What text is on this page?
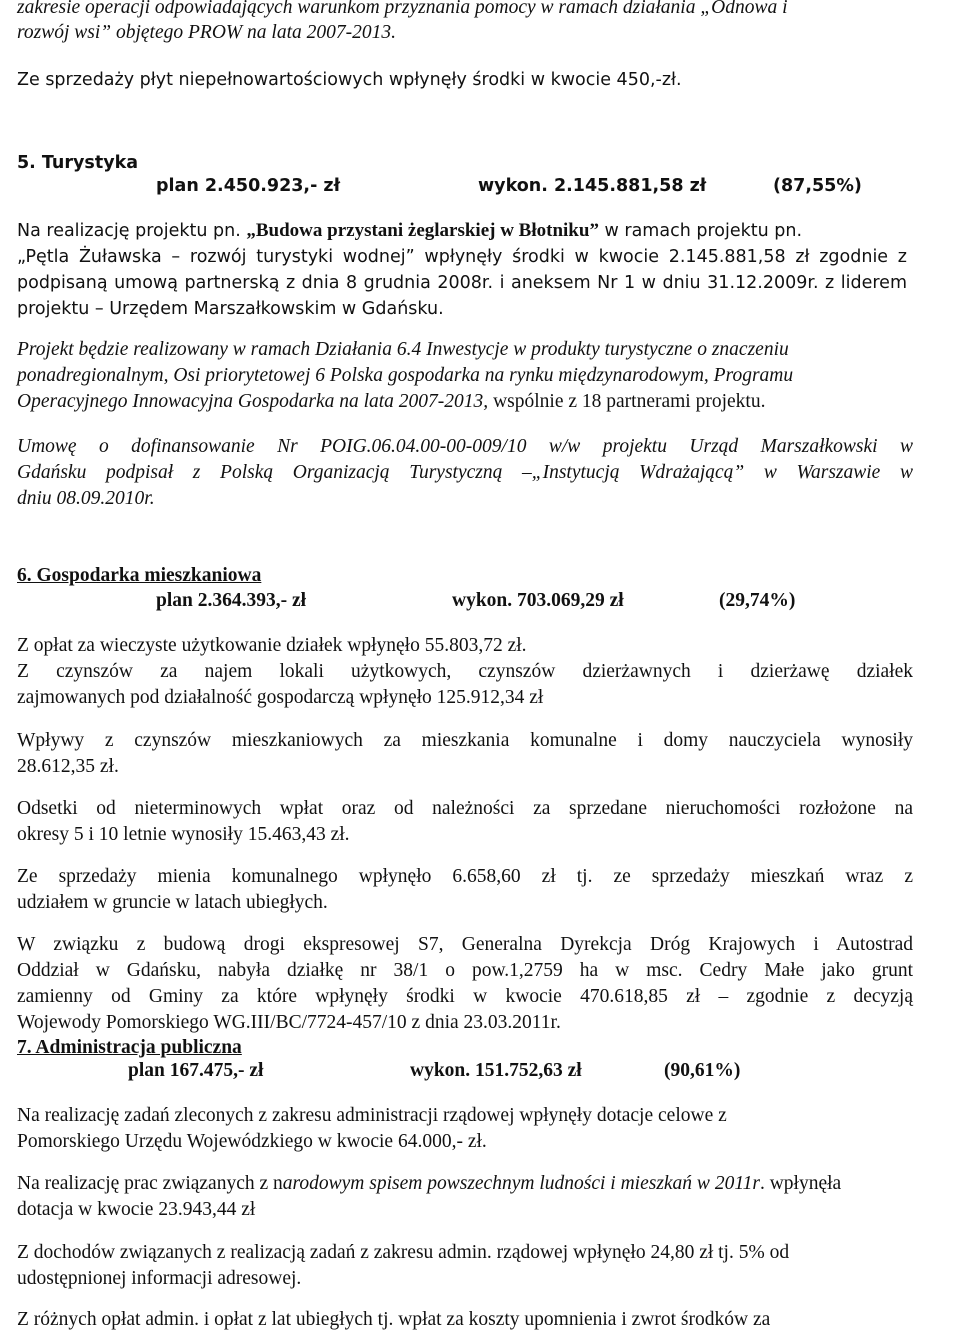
zakresie operacji odpowiadających warunkom przyznania pomocy w ramach działania „Odnowa i
rozwój wsi” objętego PROW na lata 2007-2013.
Ze sprzedaży płyt niepełnowartościowych wpłynęły środki w kwocie 450,-zł.
5. Turystyka
plan 2.450.923,- zł	wykon. 2.145.881,58 zł	(87,55%)
Na realizację projektu pn. „Budowa przystani żeglarskiej w Błotniku” w ramach projektu pn.
„Pętla Żuławska – rozwój turystyki wodnej” wpłynęły środki w kwocie 2.145.881,58 zł zgodnie z
podpisaną umową partnerską z dnia 8 grudnia 2008r. i aneksem Nr 1 w dniu 31.12.2009r. z liderem
projektu – Urzędem Marszałkowskim w Gdańsku.
Projekt będzie realizowany w ramach Działania 6.4 Inwestycje w produkty turystyczne o znaczeniu
ponadregionalnym, Osi priorytetowej 6 Polska gospodarka na rynku międzynarodowym, Programu
Operacyjnego Innowacyjna Gospodarka na lata 2007-2013, wspólnie z 18 partnerami projektu.
Umowę o dofinansowanie Nr POIG.06.04.00-00-009/10 w/w projektu Urząd Marszałkowski w
Gdańsku podpisał z Polską Organizacją Turystyczną –„Instytucją Wdrażającą” w Warszawie w
dniu 08.09.2010r.
6. Gospodarka mieszkaniowa
plan 2.364.393,- zł	wykon. 703.069,29 zł	(29,74%)
Z opłat za wieczyste użytkowanie działek wpłynęło 55.803,72 zł.
Z czynszów za najem lokali użytkowych, czynszów dzierżawnych i dzierżawę działek
zajmowanych pod działalność gospodarczą wpłynęło 125.912,34 zł
Wpływy z czynszów mieszkaniowych za mieszkania komunalne i domy nauczyciela wynosiły
28.612,35 zł.
Odsetki od nieterminowych wpłat oraz od należności za sprzedane nieruchomości rozłożone na
okresy 5 i 10 letnie wynosiły 15.463,43 zł.
Ze sprzedaży mienia komunalnego wpłynęło 6.658,60 zł tj. ze sprzedaży mieszkań wraz z
udziałem w gruncie w latach ubiegłych.
W związku z budową drogi ekspresowej S7, Generalna Dyrekcja Dróg Krajowych i Autostrad
Oddział w Gdańsku, nabyła działkę nr 38/1 o pow.1,2759 ha w msc. Cedry Małe jako grunt
zamienny od Gminy za które wpłynęły środki w kwocie 470.618,85 zł – zgodnie z decyzją
Wojewody Pomorskiego WG.III/BC/7724-457/10 z dnia 23.03.2011r.
7. Administracja publiczna
plan 167.475,- zł	wykon. 151.752,63 zł	(90,61%)
Na realizację zadań zleconych z zakresu administracji rządowej wpłynęły dotacje celowe z
Pomorskiego Urzędu Wojewódzkiego w kwocie 64.000,- zł.
Na realizację prac związanych z narodowym spisem powszechnym ludności i mieszkań w 2011r. wpłynęła
dotacja w kwocie 23.943,44 zł
Z dochodów związanych z realizacją zadań z zakresu admin. rządowej wpłynęło 24,80 zł tj. 5% od
udostępnionej informacji adresowej.
Z różnych opłat admin. i opłat z lat ubiegłych tj. wpłat za koszty upomnienia i zwrot środków za
